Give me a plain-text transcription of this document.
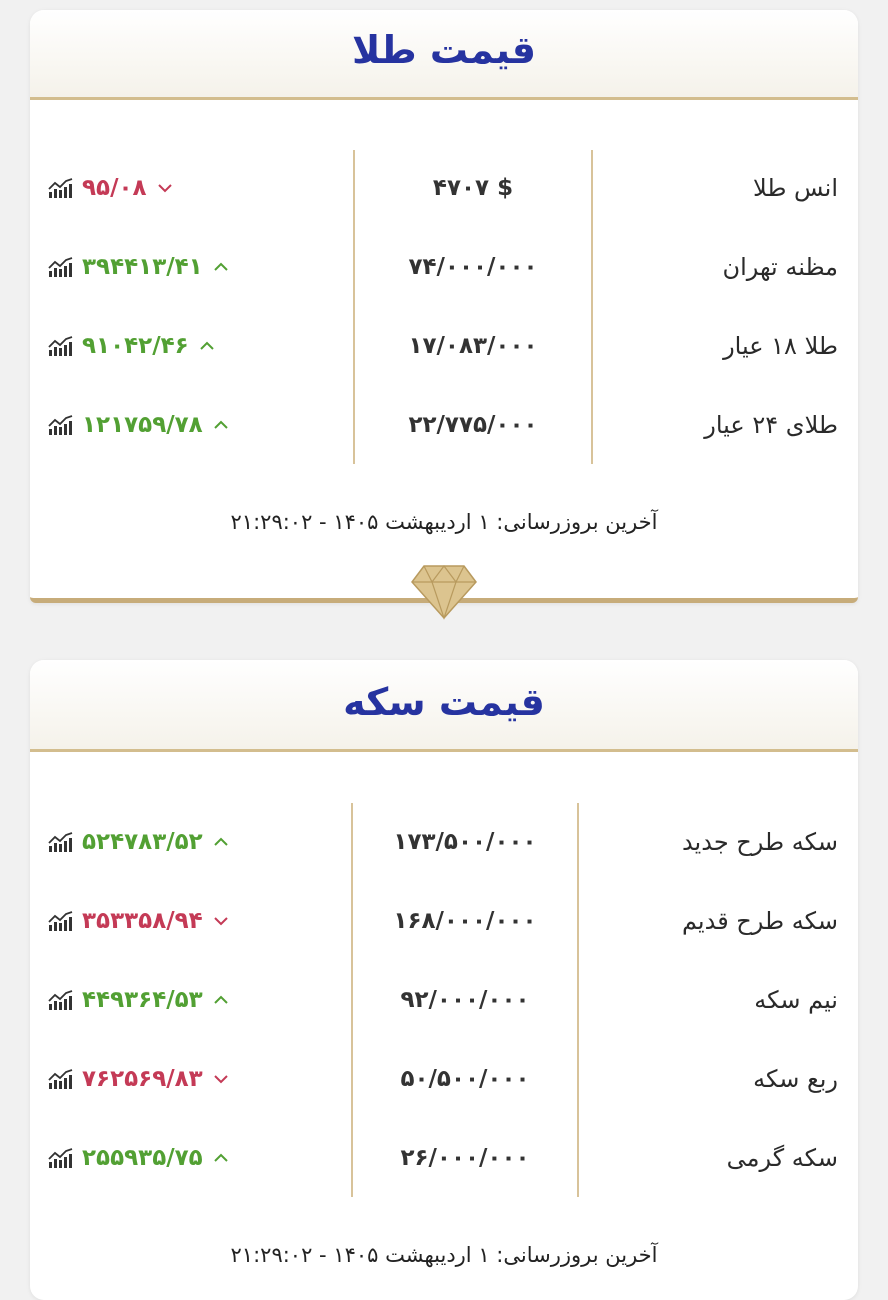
قیمت طلا
انس طلا
$ ۴۷۰۷
۹۵/۰۸
مظنه تهران
۷۴/۰۰۰/۰۰۰
۳۹۴۴۱۳/۴۱
طلا ۱۸ عیار
۱۷/۰۸۳/۰۰۰
۹۱۰۴۲/۴۶
طلای ۲۴ عیار
۲۲/۷۷۵/۰۰۰
۱۲۱۷۵۹/۷۸
آخرین بروزرسانی: ۱ اردیبهشت ۱۴۰۵ - ۲۱:۲۹:۰۲
قیمت سکه
سکه طرح جدید
۱۷۳/۵۰۰/۰۰۰
۵۲۴۷۸۳/۵۲
سکه طرح قدیم
۱۶۸/۰۰۰/۰۰۰
۳۵۳۳۵۸/۹۴
نیم سکه
۹۲/۰۰۰/۰۰۰
۴۴۹۳۶۴/۵۳
ربع سکه
۵۰/۵۰۰/۰۰۰
۷۶۲۵۶۹/۸۳
سکه گرمی
۲۶/۰۰۰/۰۰۰
۲۵۵۹۳۵/۷۵
آخرین بروزرسانی: ۱ اردیبهشت ۱۴۰۵ - ۲۱:۲۹:۰۲
